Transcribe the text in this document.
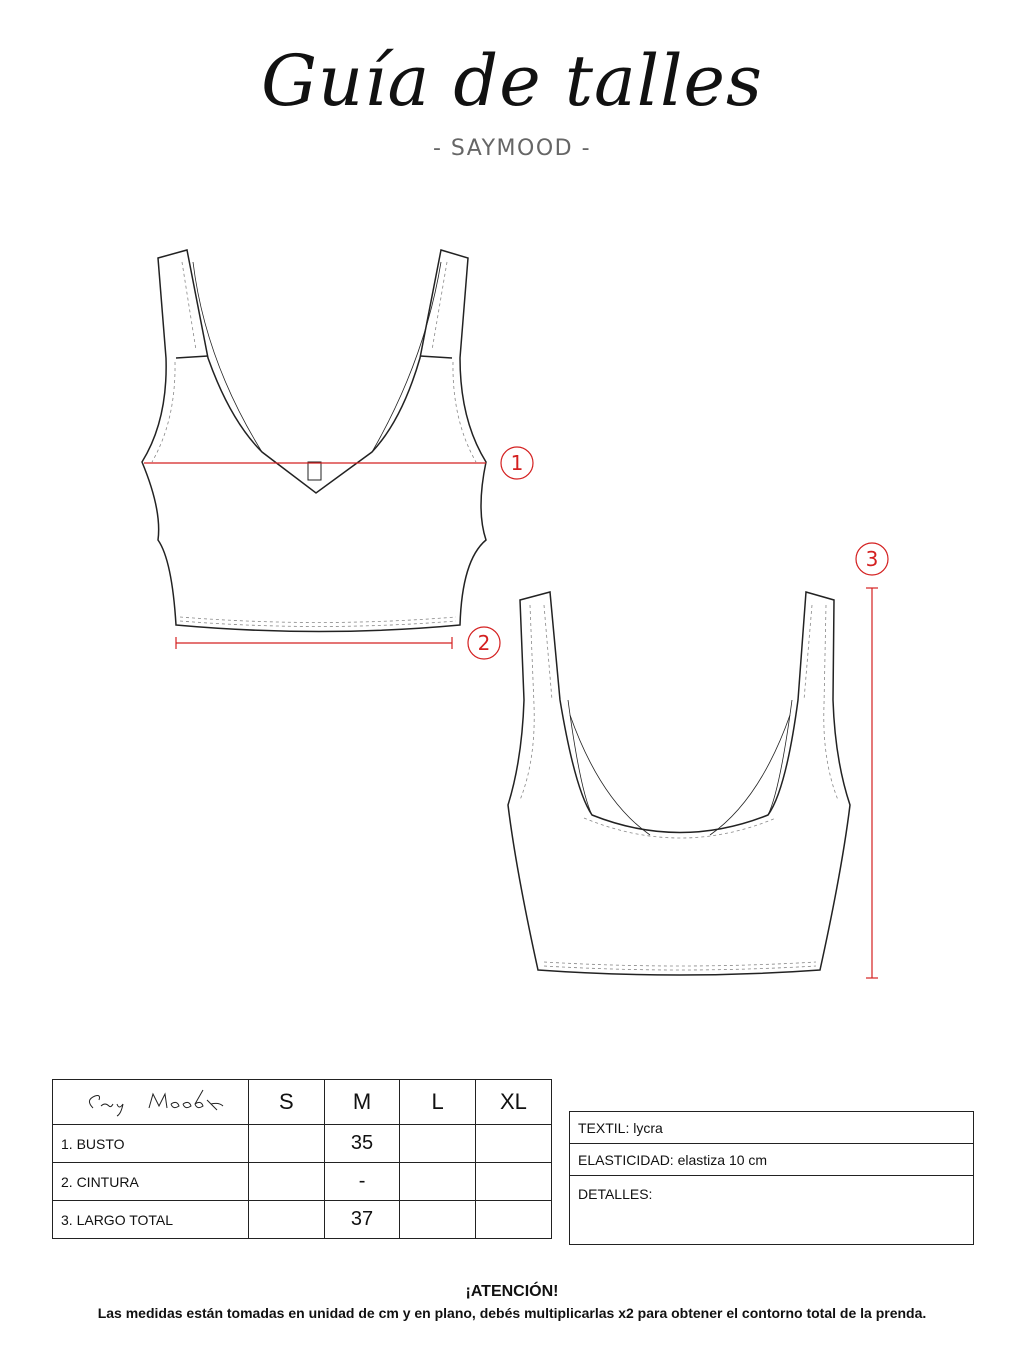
Guía de talles
- SAYMOOD -
1
2
3
	S	M	L	XL
1. BUSTO		35		
2. CINTURA		-		
3. LARGO TOTAL		37		
TEXTIL: lycra
ELASTICIDAD: elastiza 10 cm
DETALLES:
¡ATENCIÓN!
Las medidas están tomadas en unidad de cm y en plano, debés multiplicarlas x2 para obtener el contorno total de la prenda.
